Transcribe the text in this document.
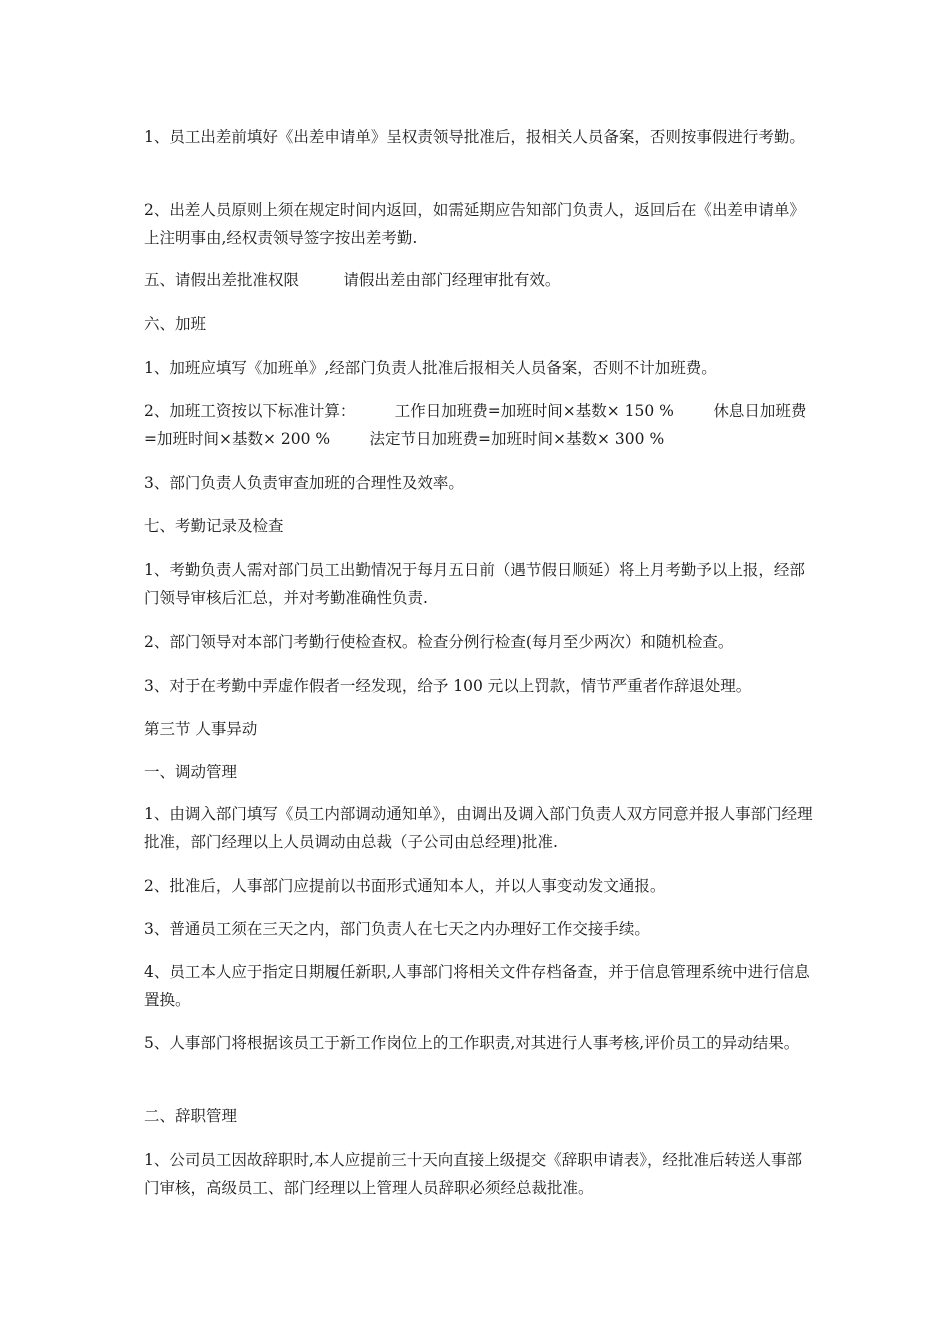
1、员工出差前填好《出差申请单》呈权责领导批准后，报相关人员备案，否则按事假进行考勤。

2、出差人员原则上须在规定时间内返回，如需延期应告知部门负责人，返回后在《出差申请单》上注明事由,经权责领导签字按出差考勤.

五、请假出差批准权限         请假出差由部门经理审批有效。

六、加班

1、加班应填写《加班单》,经部门负责人批准后报相关人员备案，否则不计加班费。

2、加班工资按以下标准计算：        工作日加班费=加班时间×基数× 150 %        休息日加班费=加班时间×基数× 200 %        法定节日加班费=加班时间×基数× 300 %

3、部门负责人负责审查加班的合理性及效率。

七、考勤记录及检查

1、考勤负责人需对部门员工出勤情况于每月五日前（遇节假日顺延）将上月考勤予以上报，经部门领导审核后汇总，并对考勤准确性负责.

2、部门领导对本部门考勤行使检查权。检查分例行检查(每月至少两次）和随机检查。

3、对于在考勤中弄虚作假者一经发现，给予 100 元以上罚款，情节严重者作辞退处理。

第三节 人事异动

一、调动管理

1、由调入部门填写《员工内部调动通知单》，由调出及调入部门负责人双方同意并报人事部门经理批准，部门经理以上人员调动由总裁（子公司由总经理)批准.

2、批准后，人事部门应提前以书面形式通知本人，并以人事变动发文通报。

3、普通员工须在三天之内，部门负责人在七天之内办理好工作交接手续。

4、员工本人应于指定日期履任新职,人事部门将相关文件存档备查，并于信息管理系统中进行信息置换。

5、人事部门将根据该员工于新工作岗位上的工作职责,对其进行人事考核,评价员工的异动结果。

二、辞职管理

1、公司员工因故辞职时,本人应提前三十天向直接上级提交《辞职申请表》，经批准后转送人事部门审核，高级员工、部门经理以上管理人员辞职必须经总裁批准。
